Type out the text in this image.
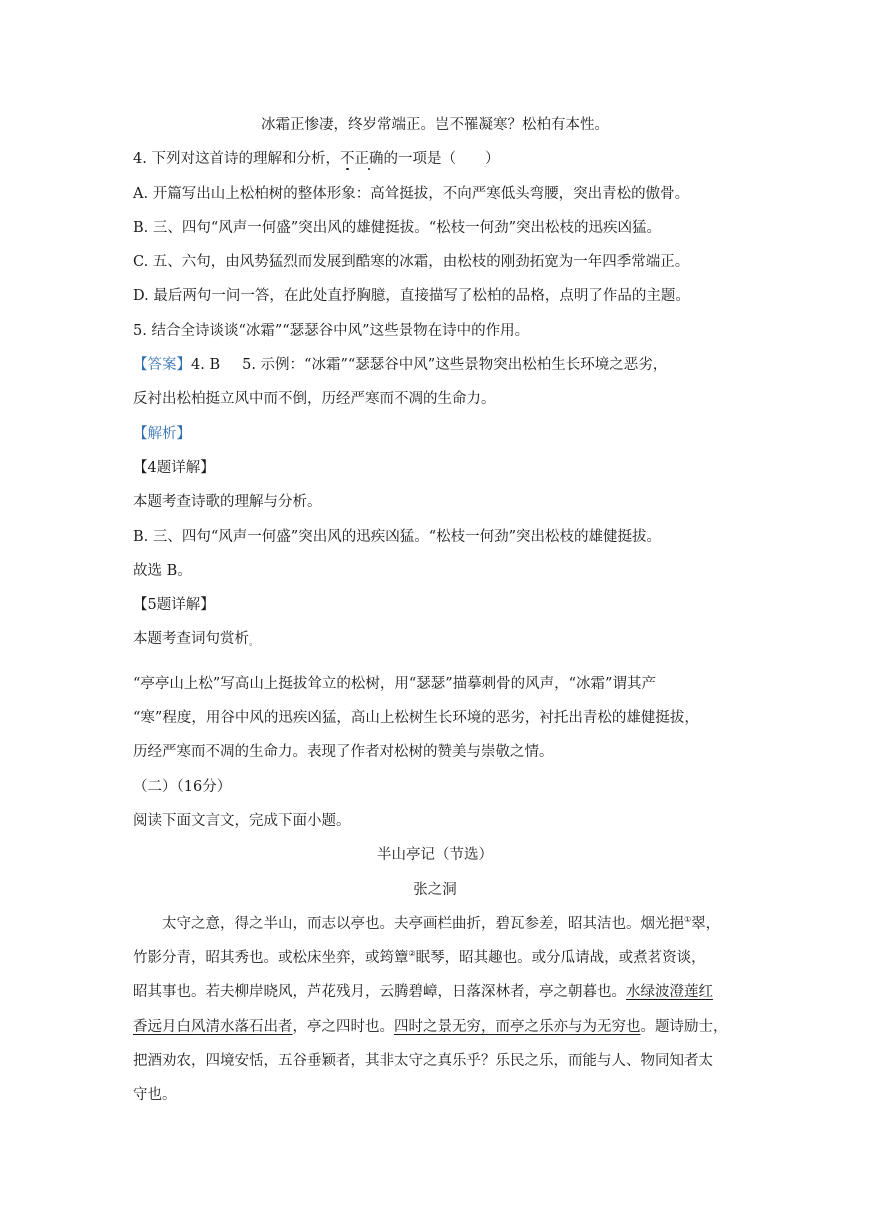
冰霜正惨凄，终岁常端正。岂不罹凝寒？松柏有本性。
4. 下列对这首诗的理解和分析，不正确的一项是（　　）
A. 开篇写出山上松柏树的整体形象：高耸挺拔，不向严寒低头弯腰，突出青松的傲骨。
B. 三、四句“风声一何盛”突出风的雄健挺拔。“松枝一何劲”突出松枝的迅疾凶猛。
C. 五、六句，由风势猛烈而发展到酷寒的冰霜，由松枝的刚劲拓宽为一年四季常端正。
D. 最后两句一问一答，在此处直抒胸臆，直接描写了松柏的品格，点明了作品的主题。
5. 结合全诗谈谈“冰霜”“瑟瑟谷中风”这些景物在诗中的作用。
【答案】4. B 5. 示例：“冰霜”“瑟瑟谷中风”这些景物突出松柏生长环境之恶劣，
反衬出松柏挺立风中而不倒，历经严寒而不凋的生命力。
【解析】
【4题详解】
本题考查诗歌的理解与分析。
B. 三、四句“风声一何盛”突出风的迅疾凶猛。“松枝一何劲”突出松枝的雄健挺拔。
故选 B。
【5题详解】
本题考查词句赏析。
“亭亭山上松”写高山上挺拔耸立的松树，用“瑟瑟”描摹刺骨的风声，“冰霜”谓其产
“寒”程度，用谷中风的迅疾凶猛，高山上松树生长环境的恶劣，衬托出青松的雄健挺拔，
历经严寒而不凋的生命力。表现了作者对松树的赞美与崇敬之情。
（二）（16分）
阅读下面文言文，完成下面小题。
半山亭记（节选）
张之洞
太守之意，得之半山，而志以亭也。夫亭画栏曲折，碧瓦参差，昭其洁也。烟光挹①翠，
竹影分青，昭其秀也。或松床坐弈，或筠簟②眠琴，昭其趣也。或分瓜请战，或煮茗资谈，
昭其事也。若夫柳岸晓风，芦花残月，云腾碧嶂，日落深林者，亭之朝暮也。水绿波澄莲红
香远月白风清水落石出者，亭之四时也。四时之景无穷，而亭之乐亦与为无穷也。题诗励士，
把酒劝农，四境安恬，五谷垂颖者，其非太守之真乐乎？乐民之乐，而能与人、物同知者太
守也。
